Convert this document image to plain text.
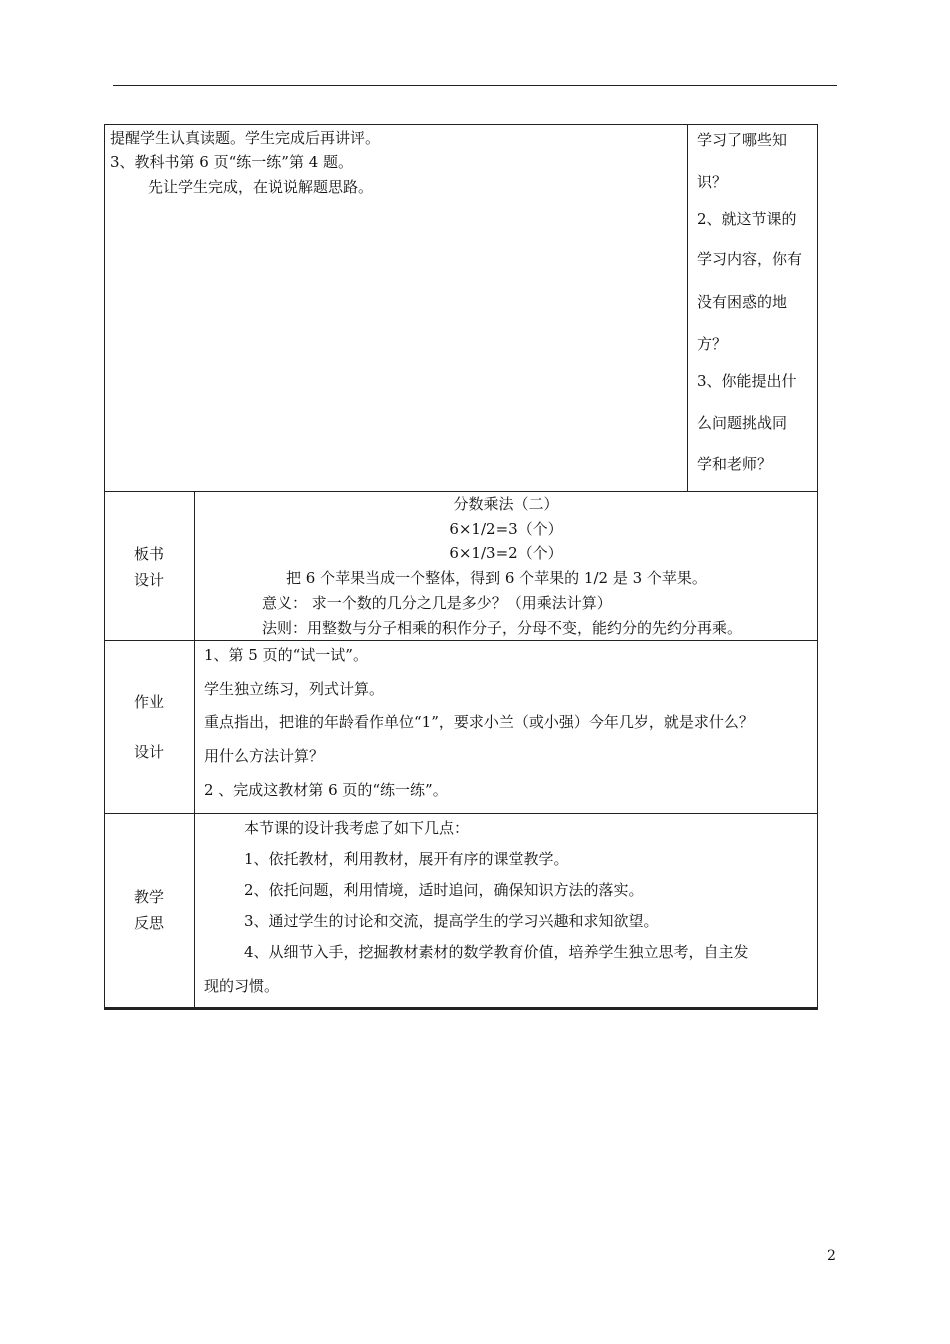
提醒学生认真读题。学生完成后再讲评。
3、教科书第 6 页“练一练”第 4 题。
先让学生完成，在说说解题思路。
学习了哪些知
识？
2、就这节课的
学习内容，你有
没有困惑的地
方？
3、你能提出什
么问题挑战同
学和老师？
板书
设计
分数乘法（二）
6×1/2=3（个）
6×1/3=2（个）
把 6 个苹果当成一个整体，得到 6 个苹果的 1/2 是 3 个苹果。
意义： 求一个数的几分之几是多少？（用乘法计算）
法则：用整数与分子相乘的积作分子，分母不变，能约分的先约分再乘。
作业
设计
1、第 5 页的“试一试”。
学生独立练习，列式计算。
重点指出，把谁的年龄看作单位“1”，要求小兰（或小强）今年几岁，就是求什么？
用什么方法计算？
2 、完成这教材第 6 页的“练一练”。
教学
反思
本节课的设计我考虑了如下几点：
1、依托教材，利用教材，展开有序的课堂教学。
2、依托问题，利用情境，适时追问，确保知识方法的落实。
3、通过学生的讨论和交流，提高学生的学习兴趣和求知欲望。
4、从细节入手，挖掘教材素材的数学教育价值，培养学生独立思考，自主发
现的习惯。
2
